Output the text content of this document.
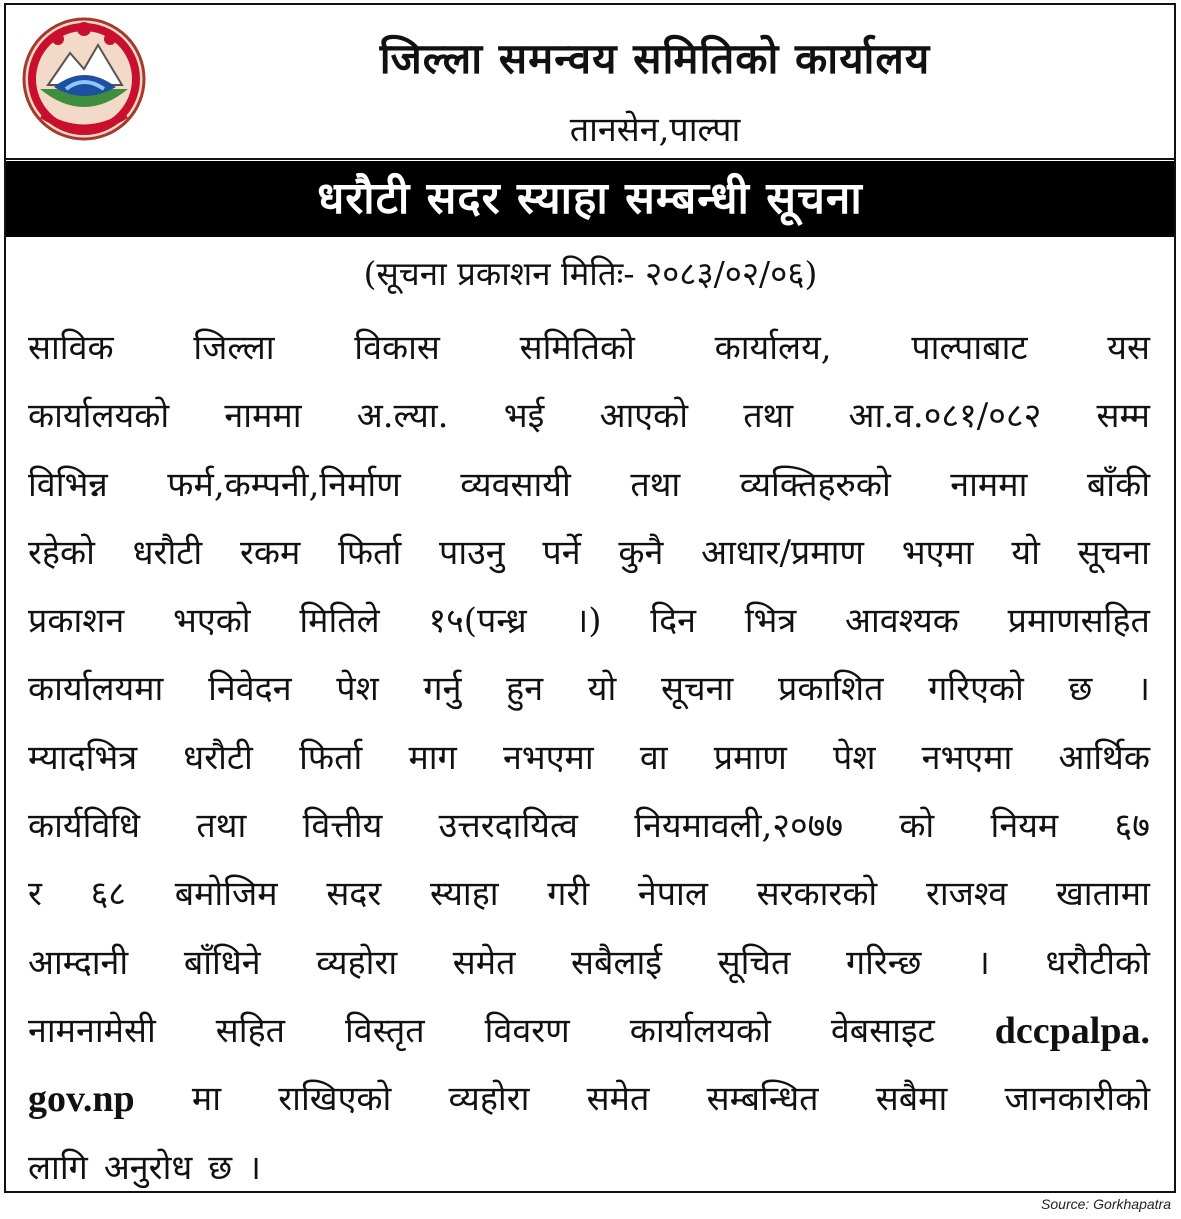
जिल्ला समन्वय समितिको कार्यालय
तानसेन,पाल्पा
धरौटी सदर स्याहा सम्बन्धी सूचना
(सूचना प्रकाशन मितिः- २०८३/०२/०६)
साविक जिल्ला विकास समितिको कार्यालय, पाल्पाबाट यस
कार्यालयको नाममा अ.ल्या. भई आएको तथा आ.व.०८१/०८२ सम्म
विभिन्न फर्म,कम्पनी,निर्माण व्यवसायी तथा व्यक्तिहरुको नाममा बाँकी
रहेको धरौटी रकम फिर्ता पाउनु पर्ने कुनै आधार/प्रमाण भएमा यो सूचना
प्रकाशन भएको मितिले १५(पन्ध्र ।) दिन भित्र आवश्यक प्रमाणसहित
कार्यालयमा निवेदन पेश गर्नु हुन यो सूचना प्रकाशित गरिएको छ ।
म्यादभित्र धरौटी फिर्ता माग नभएमा वा प्रमाण पेश नभएमा आर्थिक
कार्यविधि तथा वित्तीय उत्तरदायित्व नियमावली,२०७७ को नियम ६७
र ६८ बमोजिम सदर स्याहा गरी नेपाल सरकारको राजश्व खातामा
आम्दानी बाँधिने व्यहोरा समेत सबैलाई सूचित गरिन्छ । धरौटीको
नामनामेसी सहित विस्तृत विवरण कार्यालयको वेबसाइट dccpalpa.
gov.np मा राखिएको व्यहोरा समेत सम्बन्धित सबैमा जानकारीको
लागि अनुरोध छ ।
Source: Gorkhapatra
